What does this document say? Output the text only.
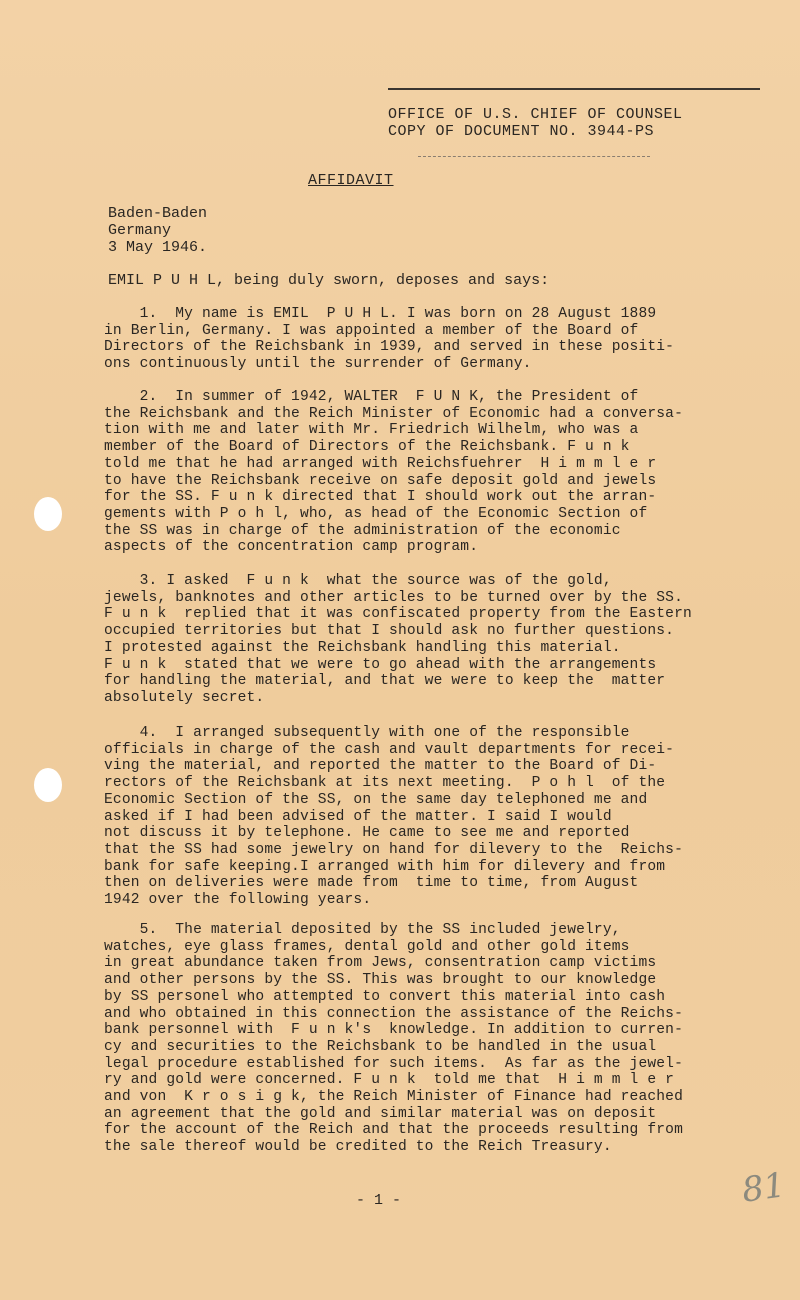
OFFICE OF U.S. CHIEF OF COUNSEL
COPY OF DOCUMENT NO. 3944-PS
AFFIDAVIT
Baden-Baden
Germany
3 May 1946.
EMIL P U H L, being duly sworn, deposes and says:
1.  My name is EMIL  P U H L. I was born on 28 August 1889
in Berlin, Germany. I was appointed a member of the Board of
Directors of the Reichsbank in 1939, and served in these positi-
ons continuously until the surrender of Germany.
2.  In summer of 1942, WALTER  F U N K, the President of
the Reichsbank and the Reich Minister of Economic had a conversa-
tion with me and later with Mr. Friedrich Wilhelm, who was a
member of the Board of Directors of the Reichsbank. F u n k
told me that he had arranged with Reichsfuehrer  H i m m l e r
to have the Reichsbank receive on safe deposit gold and jewels
for the SS. F u n k directed that I should work out the arran-
gements with P o h l, who, as head of the Economic Section of
the SS was in charge of the administration of the economic
aspects of the concentration camp program.
3. I asked  F u n k  what the source was of the gold,
jewels, banknotes and other articles to be turned over by the SS.
F u n k  replied that it was confiscated property from the Eastern
occupied territories but that I should ask no further questions.
I protested against the Reichsbank handling this material.
F u n k  stated that we were to go ahead with the arrangements
for handling the material, and that we were to keep the  matter
absolutely secret.
4.  I arranged subsequently with one of the responsible
officials in charge of the cash and vault departments for recei-
ving the material, and reported the matter to the Board of Di-
rectors of the Reichsbank at its next meeting.  P o h l  of the
Economic Section of the SS, on the same day telephoned me and
asked if I had been advised of the matter. I said I would
not discuss it by telephone. He came to see me and reported
that the SS had some jewelry on hand for dilevery to the  Reichs-
bank for safe keeping.I arranged with him for dilevery and from
then on deliveries were made from  time to time, from August
1942 over the following years.
5.  The material deposited by the SS included jewelry,
watches, eye glass frames, dental gold and other gold items
in great abundance taken from Jews, consentration camp victims
and other persons by the SS. This was brought to our knowledge
by SS personel who attempted to convert this material into cash
and who obtained in this connection the assistance of the Reichs-
bank personnel with  F u n k's  knowledge. In addition to curren-
cy and securities to the Reichsbank to be handled in the usual
legal procedure established for such items.  As far as the jewel-
ry and gold were concerned. F u n k  told me that  H i m m l e r
and von  K r o s i g k, the Reich Minister of Finance had reached
an agreement that the gold and similar material was on deposit
for the account of the Reich and that the proceeds resulting from
the sale thereof would be credited to the Reich Treasury.
- 1 -	81
